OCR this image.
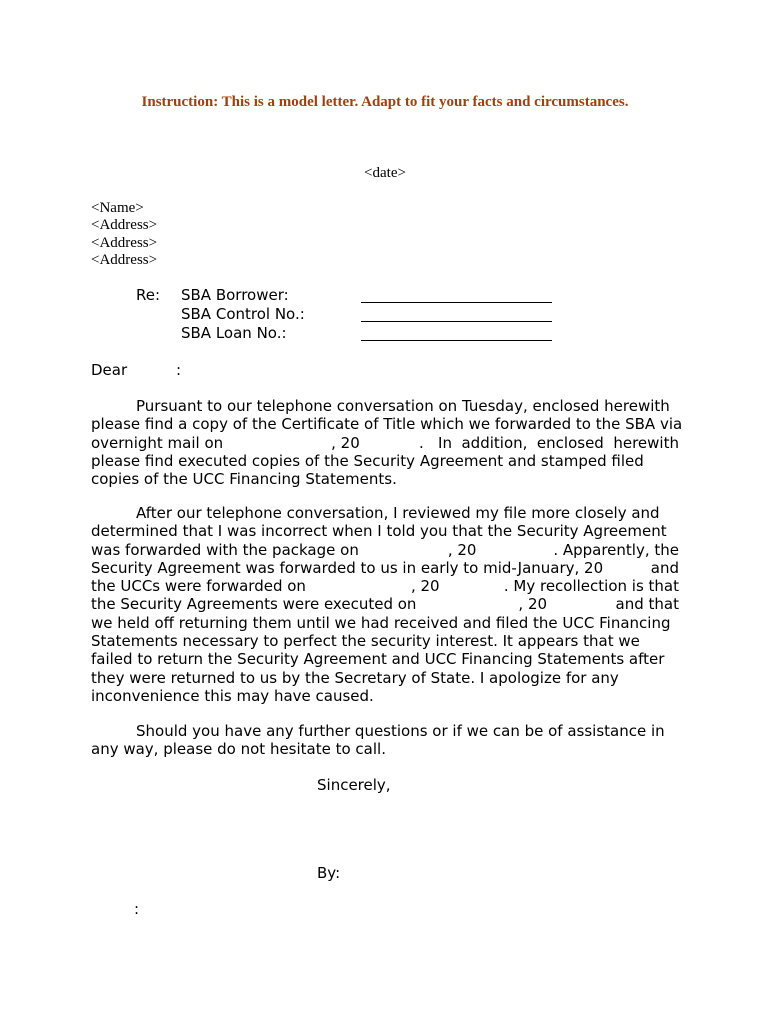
Instruction: This is a model letter. Adapt to fit your facts and circumstances.
<date>
<Name>
<Address>
<Address>
<Address>
Re: SBA Borrower:
SBA Control No.:
SBA Loan No.:
Dear	:
Pursuant to our telephone conversation on Tuesday, enclosed herewith
please find a copy of the Certificate of Title which we forwarded to the SBA via
overnight mail on	, 20	.   In  addition,  enclosed  herewith
please find executed copies of the Security Agreement and stamped filed
copies of the UCC Financing Statements.
After our telephone conversation, I reviewed my file more closely and
determined that I was incorrect when I told you that the Security Agreement
was forwarded with the package on	, 20	. Apparently, the
Security Agreement was forwarded to us in early to mid-January, 20	and
the UCCs were forwarded on	, 20	. My recollection is that
the Security Agreements were executed on	, 20	and that
we held off returning them until we had received and filed the UCC Financing
Statements necessary to perfect the security interest. It appears that we
failed to return the Security Agreement and UCC Financing Statements after
they were returned to us by the Secretary of State. I apologize for any
inconvenience this may have caused.
Should you have any further questions or if we can be of assistance in
any way, please do not hesitate to call.
Sincerely,
By:
:
